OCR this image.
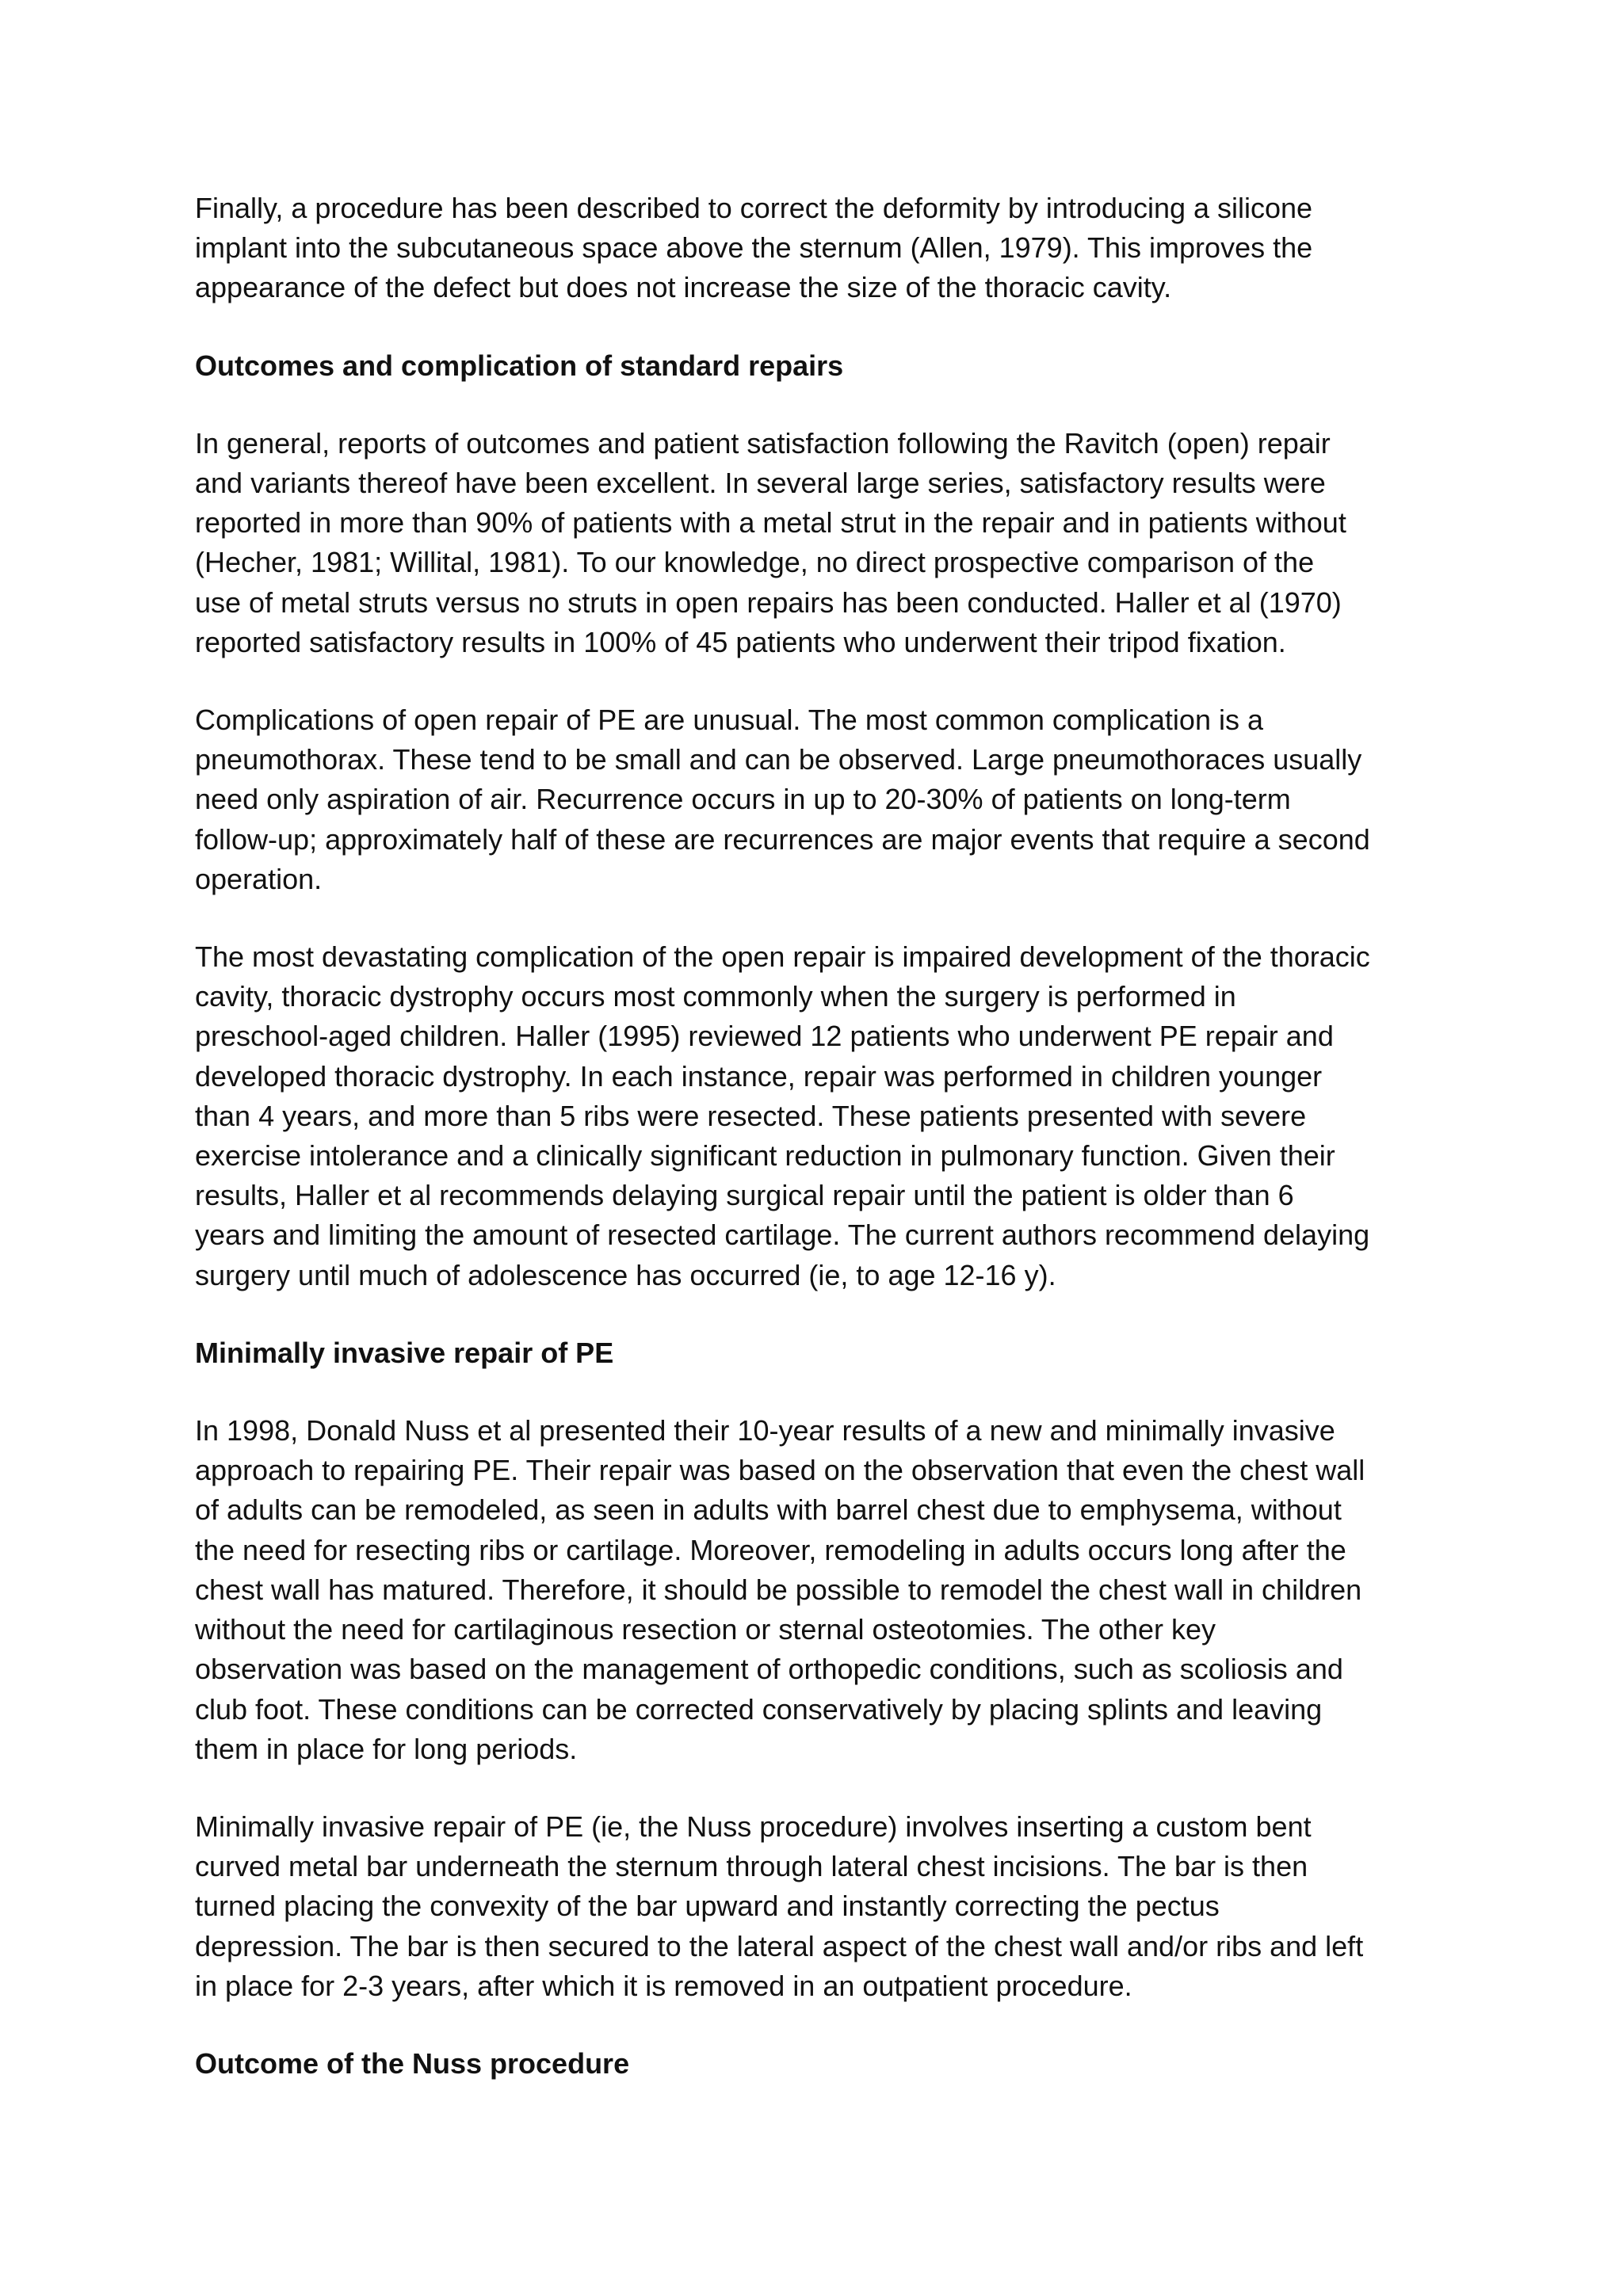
Finally, a procedure has been described to correct the deformity by introducing a silicone
implant into the subcutaneous space above the sternum (Allen, 1979). This improves the
appearance of the defect but does not increase the size of the thoracic cavity.
Outcomes and complication of standard repairs
In general, reports of outcomes and patient satisfaction following the Ravitch (open) repair
and variants thereof have been excellent. In several large series, satisfactory results were
reported in more than 90% of patients with a metal strut in the repair and in patients without
(Hecher, 1981; Willital, 1981). To our knowledge, no direct prospective comparison of the
use of metal struts versus no struts in open repairs has been conducted. Haller et al (1970)
reported satisfactory results in 100% of 45 patients who underwent their tripod fixation.
Complications of open repair of PE are unusual. The most common complication is a
pneumothorax. These tend to be small and can be observed. Large pneumothoraces usually
need only aspiration of air. Recurrence occurs in up to 20-30% of patients on long-term
follow-up; approximately half of these are recurrences are major events that require a second
operation.
The most devastating complication of the open repair is impaired development of the thoracic
cavity, thoracic dystrophy occurs most commonly when the surgery is performed in
preschool-aged children. Haller (1995) reviewed 12 patients who underwent PE repair and
developed thoracic dystrophy. In each instance, repair was performed in children younger
than 4 years, and more than 5 ribs were resected. These patients presented with severe
exercise intolerance and a clinically significant reduction in pulmonary function. Given their
results, Haller et al recommends delaying surgical repair until the patient is older than 6
years and limiting the amount of resected cartilage. The current authors recommend delaying
surgery until much of adolescence has occurred (ie, to age 12-16 y).
Minimally invasive repair of PE
In 1998, Donald Nuss et al presented their 10-year results of a new and minimally invasive
approach to repairing PE. Their repair was based on the observation that even the chest wall
of adults can be remodeled, as seen in adults with barrel chest due to emphysema, without
the need for resecting ribs or cartilage. Moreover, remodeling in adults occurs long after the
chest wall has matured. Therefore, it should be possible to remodel the chest wall in children
without the need for cartilaginous resection or sternal osteotomies. The other key
observation was based on the management of orthopedic conditions, such as scoliosis and
club foot. These conditions can be corrected conservatively by placing splints and leaving
them in place for long periods.
Minimally invasive repair of PE (ie, the Nuss procedure) involves inserting a custom bent
curved metal bar underneath the sternum through lateral chest incisions. The bar is then
turned placing the convexity of the bar upward and instantly correcting the pectus
depression. The bar is then secured to the lateral aspect of the chest wall and/or ribs and left
in place for 2-3 years, after which it is removed in an outpatient procedure.
Outcome of the Nuss procedure
